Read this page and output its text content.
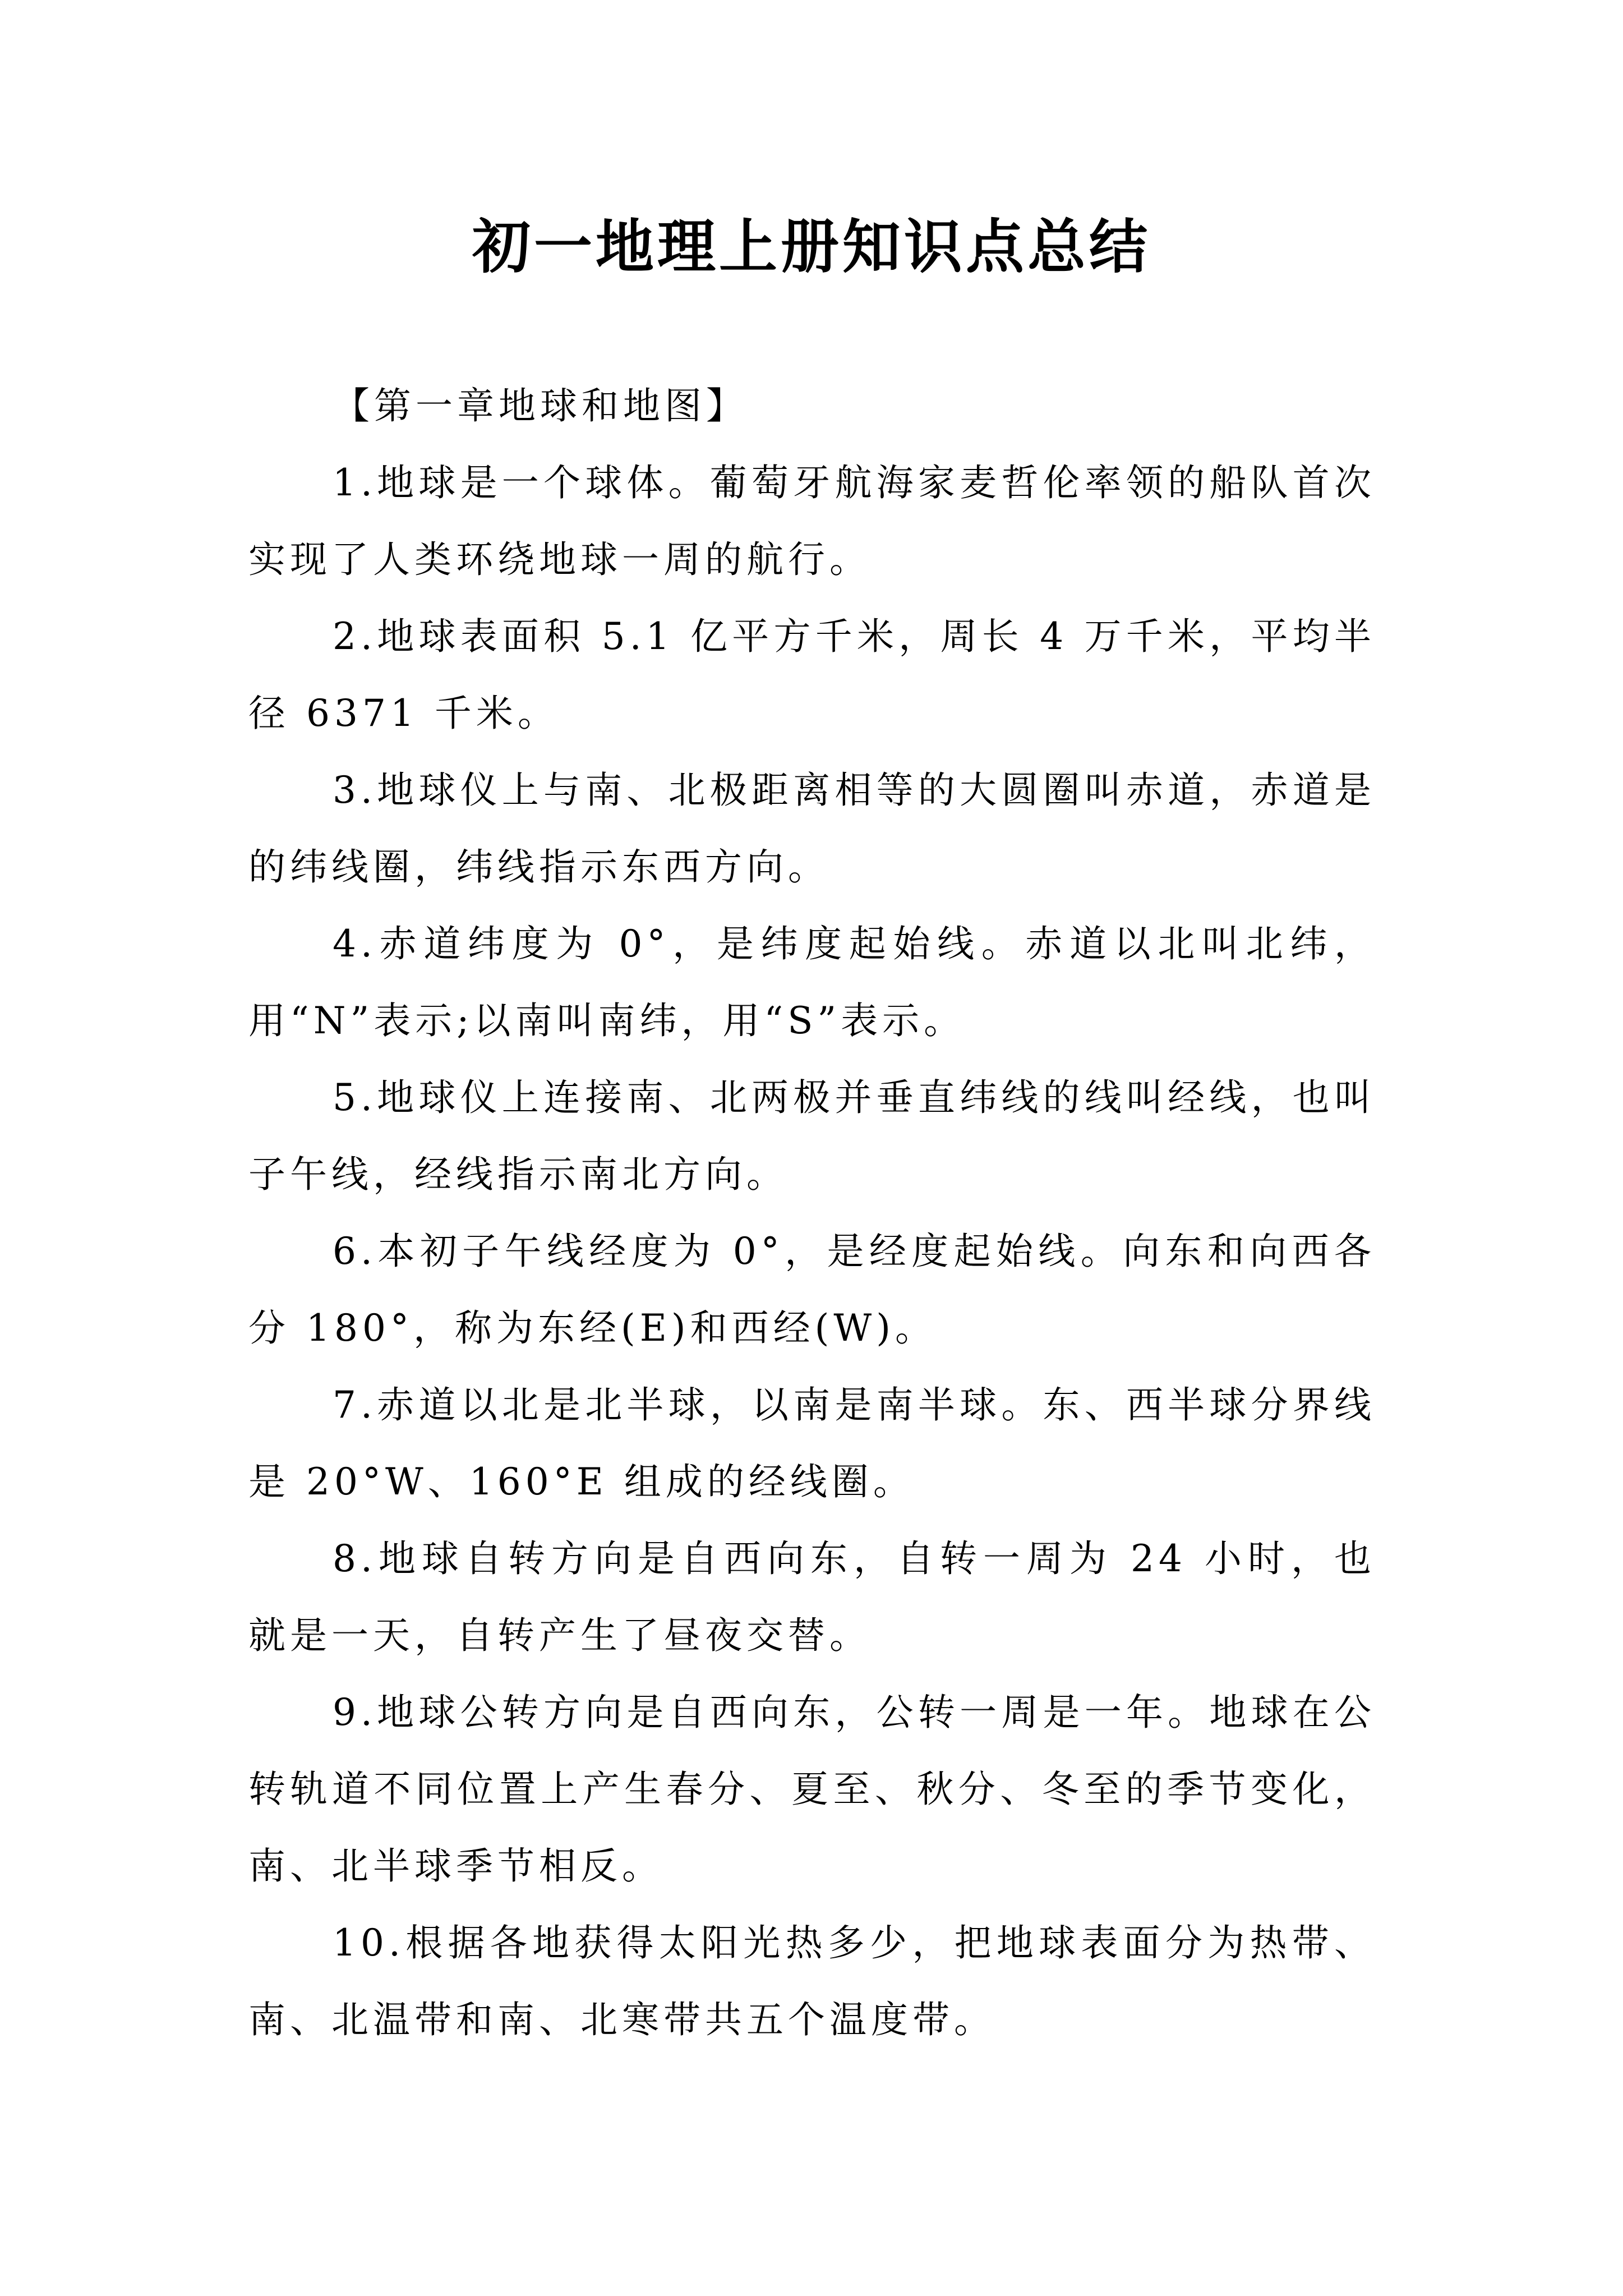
初一地理上册知识点总结

【第一章地球和地图】

1.地球是一个球体。葡萄牙航海家麦哲伦率领的船队首次实现了人类环绕地球一周的航行。

2.地球表面积 5.1 亿平方千米，周长 4 万千米，平均半径 6371 千米。

3.地球仪上与南、北极距离相等的大圆圈叫赤道，赤道是的纬线圈，纬线指示东西方向。

4.赤道纬度为 0°，是纬度起始线。赤道以北叫北纬，用“N”表示;以南叫南纬，用“S”表示。

5.地球仪上连接南、北两极并垂直纬线的线叫经线，也叫子午线，经线指示南北方向。

6.本初子午线经度为 0°，是经度起始线。向东和向西各分 180°，称为东经(E)和西经(W)。

7.赤道以北是北半球，以南是南半球。东、西半球分界线是 20°W、160°E 组成的经线圈。

8.地球自转方向是自西向东，自转一周为 24 小时，也就是一天，自转产生了昼夜交替。

9.地球公转方向是自西向东，公转一周是一年。地球在公转轨道不同位置上产生春分、夏至、秋分、冬至的季节变化，南、北半球季节相反。

10.根据各地获得太阳光热多少，把地球表面分为热带、南、北温带和南、北寒带共五个温度带。
